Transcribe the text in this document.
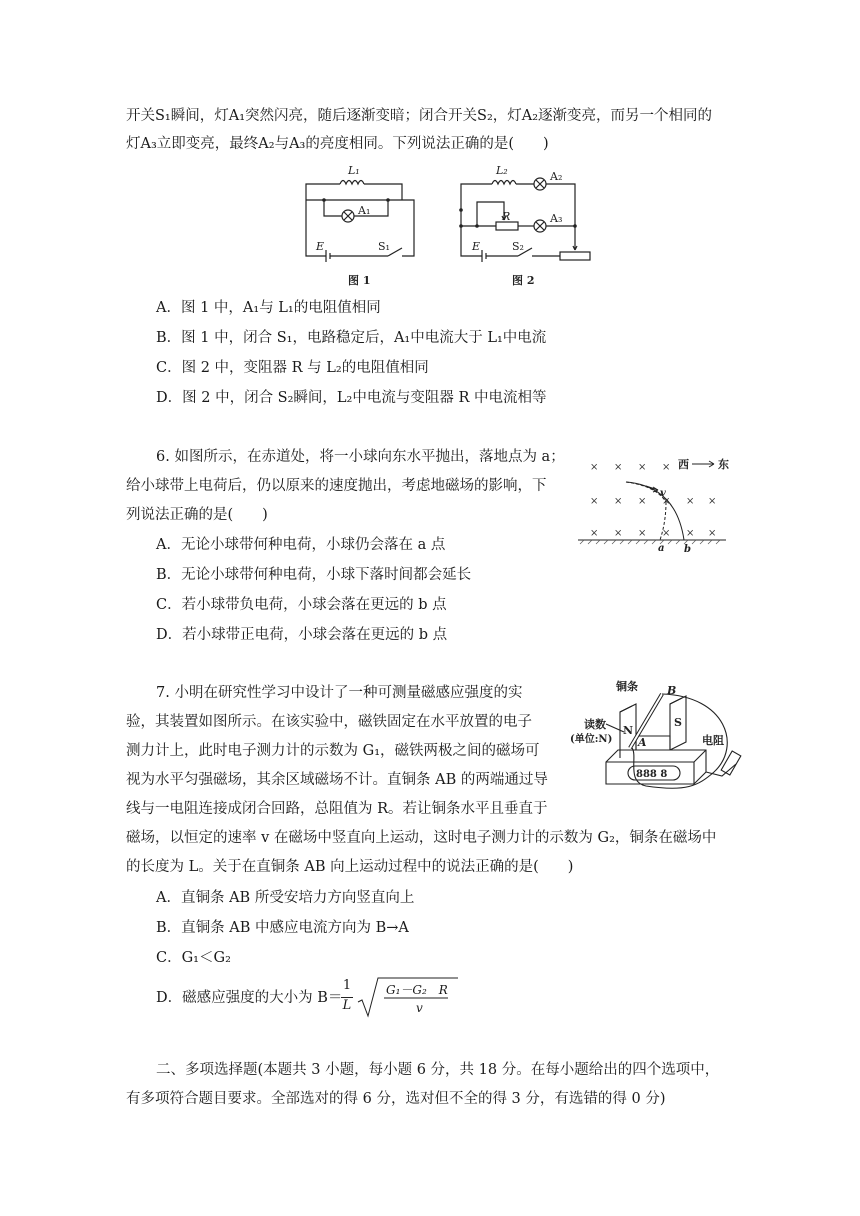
开关S₁瞬间，灯A₁突然闪亮，随后逐渐变暗；闭合开关S₂，灯A₂逐渐变亮，而另一个相同的
灯A₃立即变亮，最终A₂与A₃的亮度相同。下列说法正确的是(　　)
L₁
A₁
E	S₁
L₂	A₂
R	A₃
E	S₂
图 1	图 2
A．图 1 中，A₁与 L₁的电阻值相同
B．图 1 中，闭合 S₁，电路稳定后，A₁中电流大于 L₁中电流
C．图 2 中，变阻器 R 与 L₂的电阻值相同
D．图 2 中，闭合 S₂瞬间，L₂中电流与变阻器 R 中电流相等
6. 如图所示，在赤道处，将一小球向东水平抛出，落地点为 a；
给小球带上电荷后，仍以原来的速度抛出，考虑地磁场的影响，下
列说法正确的是(　　)
A．无论小球带何种电荷，小球仍会落在 a 点
B．无论小球带何种电荷，小球下落时间都会延长
C．若小球带负电荷，小球会落在更远的 b 点
D．若小球带正电荷，小球会落在更远的 b 点
× × × ×
× × × × × ×
× × × × × ×
西	东
v
a b
7. 小明在研究性学习中设计了一种可测量磁感应强度的实
验，其装置如图所示。在该实验中，磁铁固定在水平放置的电子
测力计上，此时电子测力计的示数为 G₁，磁铁两极之间的磁场可
视为水平匀强磁场，其余区域磁场不计。直铜条 AB 的两端通过导
线与一电阻连接成闭合回路，总阻值为 R。若让铜条水平且垂直于
磁场，以恒定的速率 v 在磁场中竖直向上运动，这时电子测力计的示数为 G₂，铜条在磁场中
的长度为 L。关于在直铜条 AB 向上运动过程中的说法正确的是(　　)
A．直铜条 AB 所受安培力方向竖直向上
B．直铜条 AB 中感应电流方向为 B→A
C．G₁＜G₂
D．磁感应强度的大小为 B＝
1
L
G₁－G₂　R
v
铜条	B
读数
(单位:N)	电阻
N
S
A
888 8
二、多项选择题(本题共 3 小题，每小题 6 分，共 18 分。在每小题给出的四个选项中，
有多项符合题目要求。全部选对的得 6 分，选对但不全的得 3 分，有选错的得 0 分)
